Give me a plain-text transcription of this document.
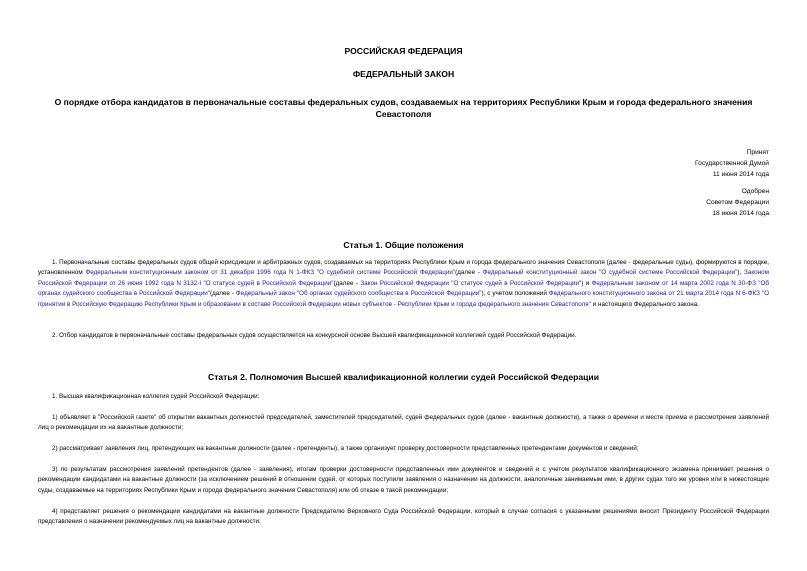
РОССИЙСКАЯ ФЕДЕРАЦИЯ
ФЕДЕРАЛЬНЫЙ ЗАКОН
О порядке отбора кандидатов в первоначальные составы федеральных судов, создаваемых на территориях Республики Крым и города федерального значения Севастополя
Принят
Государственной Думой
11 июня 2014 года
Одобрен
Советом Федерации
18 июня 2014 года
Статья 1. Общие положения
1. Первоначальные составы федеральных судов общей юрисдикции и арбитражных судов, создаваемых на территориях Республики Крым и города федерального значения Севастополя (далее - федеральные суды), формируются в порядке, установленном Федеральным конституционным законом от 31 декабря 1996 года N 1-ФКЗ "О судебной системе Российской Федерации"(далее - Федеральный конституционный закон "О судебной системе Российской Федерации"), Законом Российской Федерации от 26 июня 1992 года N 3132-I "О статусе судей в Российской Федерации"(далее - Закон Российской Федерации "О статусе судей в Российской Федерации") и Федеральным законом от 14 марта 2002 года N 30-ФЗ "Об органах судейского сообщества в Российской Федерации"(далее - Федеральный закон "Об органах судейского сообщества в Российской Федерации"), с учетом положений Федерального конституционного закона от 21 марта 2014 года N 6-ФКЗ "О принятии в Российскую Федерацию Республики Крым и образовании в составе Российской Федерации новых субъектов - Республики Крым и города федерального значения Севастополя" и настоящего Федерального закона.
2. Отбор кандидатов в первоначальные составы федеральных судов осуществляется на конкурсной основе Высшей квалификационной коллегией судей Российской Федерации.
Статья 2. Полномочия Высшей квалификационной коллегии судей Российской Федерации
1. Высшая квалификационная коллегия судей Российской Федерации:
1) объявляет в "Российской газете" об открытии вакантных должностей председателей, заместителей председателей, судей федеральных судов (далее - вакантные должности), а также о времени и месте приема и рассмотрения заявлений лиц о рекомендации их на вакантные должности;
2) рассматривает заявления лиц, претендующих на вакантные должности (далее - претенденты), а также организует проверку достоверности представленных претендентами документов и сведений;
3) по результатам рассмотрения заявлений претендентов (далее - заявления), итогам проверки достоверности представленных ими документов и сведений и с учетом результатов квалификационного экзамена принимает решения о рекомендации кандидатами на вакантные должности (за исключением решений в отношении судей, от которых поступили заявления о назначении на должности, аналогичные занимаемым ими, в других судах того же уровня или в нижестоящие суды, создаваемые на территориях Республики Крым и города федерального значения Севастополя) или об отказе в такой рекомендации;
4) представляет решения о рекомендации кандидатами на вакантные должности Председателю Верховного Суда Российской Федерации, который в случае согласия с указанными решениями вносит Президенту Российской Федерации представления о назначении рекомендуемых лиц на вакантные должности;
